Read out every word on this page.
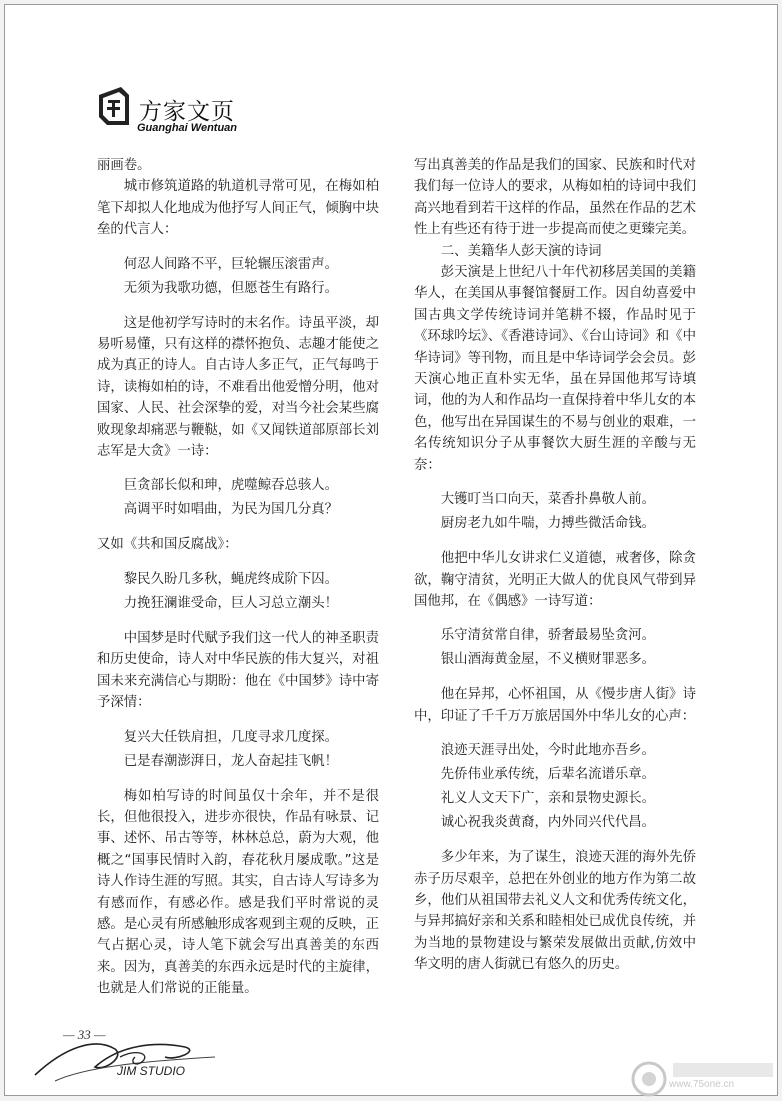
方家文页
Guanghai Wentuan

丽画卷。

城市修筑道路的轨道机寻常可见，在梅如柏笔下却拟人化地成为他抒写人间正气，倾胸中块垒的代言人：

何忍人间路不平，巨轮辗压滚雷声。
无须为我歌功德，但愿苍生有路行。

这是他初学写诗时的末名作。诗虽平淡，却易听易懂，只有这样的襟怀抱负、志趣才能使之成为真正的诗人。自古诗人多正气，正气每鸣于诗，读梅如柏的诗，不难看出他爱憎分明，他对国家、人民、社会深挚的爱，对当今社会某些腐败现象却痛恶与鞭鞑，如《又闻铁道部原部长刘志军是大贪》一诗：

巨贪部长似和珅，虎噬鲸吞总骇人。
高调平时如唱曲，为民为国几分真？

又如《共和国反腐战》：

黎民久盼几多秋，蝇虎终成阶下囚。
力挽狂澜谁受命，巨人习总立潮头！

中国梦是时代赋予我们这一代人的神圣职责和历史使命，诗人对中华民族的伟大复兴，对祖国未来充满信心与期盼：他在《中国梦》诗中寄予深情：

复兴大任铁肩担，几度寻求几度探。
已是春潮澎湃日，龙人奋起挂飞帆！

梅如柏写诗的时间虽仅十余年，并不是很长，但他很投入，进步亦很快，作品有咏景、记事、述怀、吊古等等，林林总总，蔚为大观，他概之“国事民情时入韵，春花秋月屡成歌。”这是诗人作诗生涯的写照。其实，自古诗人写诗多为有感而作，有感必作。感是我们平时常说的灵感。是心灵有所感触形成客观到主观的反映，正气占据心灵，诗人笔下就会写出真善美的东西来。因为，真善美的东西永远是时代的主旋律，也就是人们常说的正能量。

写出真善美的作品是我们的国家、民族和时代对我们每一位诗人的要求，从梅如柏的诗词中我们高兴地看到若干这样的作品，虽然在作品的艺术性上有些还有待于进一步提高而使之更臻完美。

二、美籍华人彭天演的诗词

彭天演是上世纪八十年代初移居美国的美籍华人，在美国从事餐馆餐厨工作。因自幼喜爱中国古典文学传统诗词并笔耕不辍，作品时见于《环球吟坛》、《香港诗词》、《台山诗词》和《中华诗词》等刊物，而且是中华诗词学会会员。彭天演心地正直朴实无华，虽在异国他邦写诗填词，他的为人和作品均一直保持着中华儿女的本色，他写出在异国谋生的不易与创业的艰难，一名传统知识分子从事餐饮大厨生涯的辛酸与无奈：

大镬叮当口向天，菜香扑鼻敬人前。
厨房老九如牛喘，力搏些微活命钱。

他把中华儿女讲求仁义道德，戒奢侈，除贪欲，鞠守清贫，光明正大做人的优良风气带到异国他邦，在《偶感》一诗写道：

乐守清贫常自律，骄奢最易坠贪河。
银山酒海黄金屋，不义横财罪恶多。

他在异邦，心怀祖国，从《慢步唐人街》诗中，印证了千千万万旅居国外中华儿女的心声：

浪迹天涯寻出处，今时此地亦吾乡。
先侨伟业承传统，后辈名流谱乐章。
礼义人文天下广，亲和景物史源长。
诚心祝我炎黄裔，内外同兴代代昌。

多少年来，为了谋生，浪迹天涯的海外先侨赤子历尽艰辛，总把在外创业的地方作为第二故乡，他们从祖国带去礼义人文和优秀传统文化，与异邦搞好亲和关系和睦相处已成优良传统，并为当地的景物建设与繁荣发展做出贡献,仿效中华文明的唐人街就已有悠久的历史。

— 33 —
JIM STUDIO
www.75one.cn
